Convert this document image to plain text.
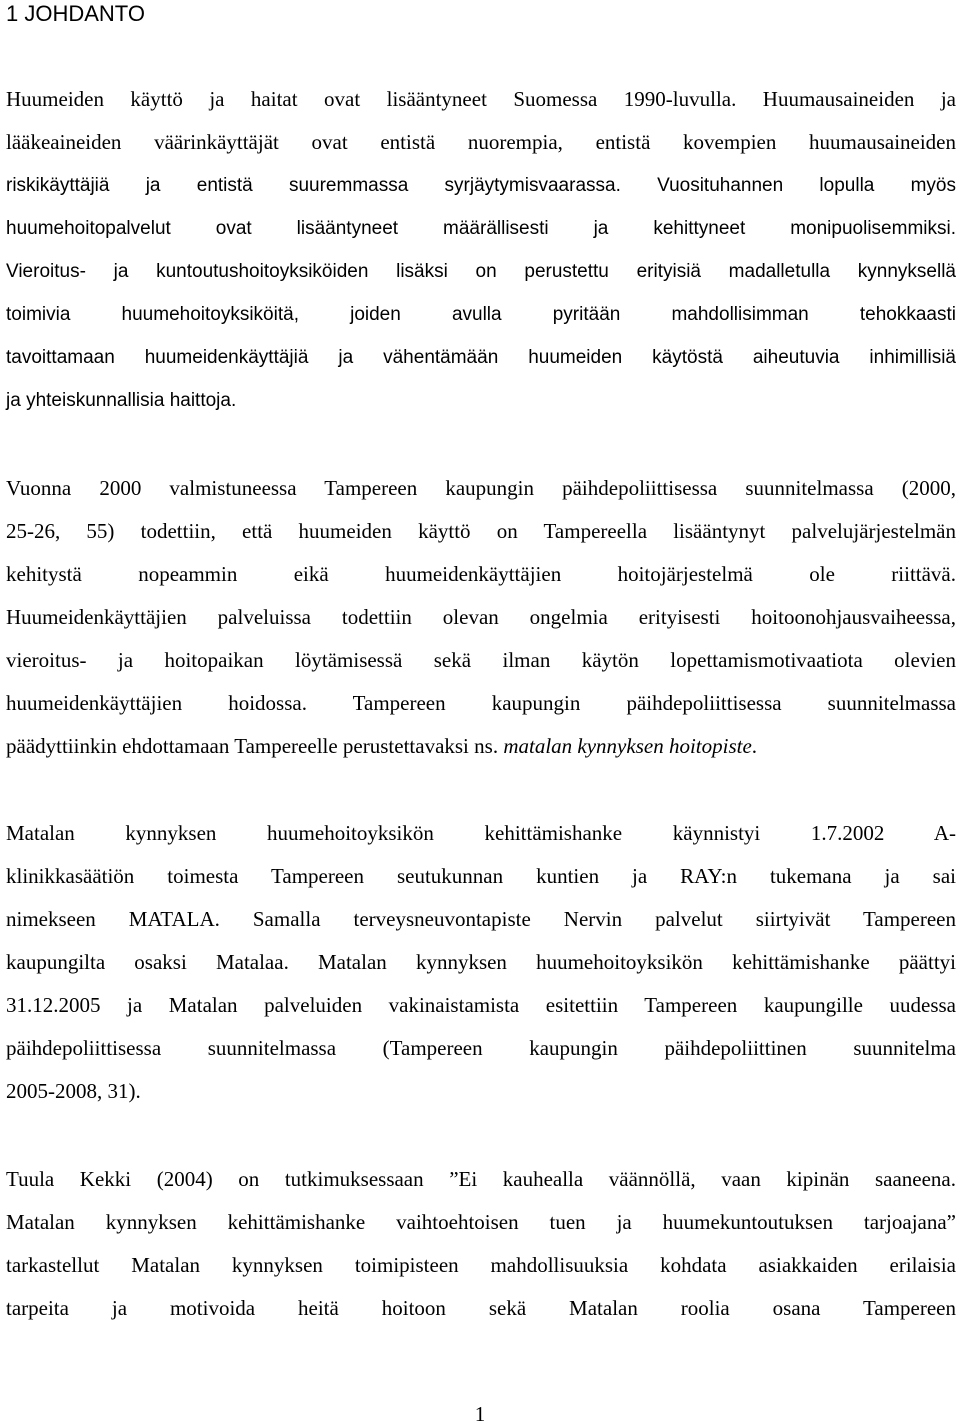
1 JOHDANTO
Huumeiden käyttö ja haitat ovat lisääntyneet Suomessa 1990-luvulla. Huumausaineiden ja
lääkeaineiden väärinkäyttäjät ovat entistä nuorempia, entistä kovempien huumausaineiden
riskikäyttäjiä ja entistä suuremmassa syrjäytymisvaarassa. Vuosituhannen lopulla myös
huumehoitopalvelut ovat lisääntyneet määrällisesti ja kehittyneet monipuolisemmiksi.
Vieroitus- ja kuntoutushoitoyksiköiden lisäksi on perustettu erityisiä madalletulla kynnyksellä
toimivia huumehoitoyksiköitä, joiden avulla pyritään mahdollisimman tehokkaasti
tavoittamaan huumeidenkäyttäjiä ja vähentämään huumeiden käytöstä aiheutuvia inhimillisiä
ja yhteiskunnallisia haittoja.
Vuonna 2000 valmistuneessa Tampereen kaupungin päihdepoliittisessa suunnitelmassa (2000,
25-26, 55) todettiin, että huumeiden käyttö on Tampereella lisääntynyt palvelujärjestelmän
kehitystä nopeammin eikä huumeidenkäyttäjien hoitojärjestelmä ole riittävä.
Huumeidenkäyttäjien palveluissa todettiin olevan ongelmia erityisesti hoitoonohjausvaiheessa,
vieroitus- ja hoitopaikan löytämisessä sekä ilman käytön lopettamismotivaatiota olevien
huumeidenkäyttäjien hoidossa. Tampereen kaupungin päihdepoliittisessa suunnitelmassa
päädyttiinkin ehdottamaan Tampereelle perustettavaksi ns. matalan kynnyksen hoitopiste.
Matalan kynnyksen huumehoitoyksikön kehittämishanke käynnistyi 1.7.2002 A-
klinikkasäätiön toimesta Tampereen seutukunnan kuntien ja RAY:n tukemana ja sai
nimekseen MATALA. Samalla terveysneuvontapiste Nervin palvelut siirtyivät Tampereen
kaupungilta osaksi Matalaa. Matalan kynnyksen huumehoitoyksikön kehittämishanke päättyi
31.12.2005 ja Matalan palveluiden vakinaistamista esitettiin Tampereen kaupungille uudessa
päihdepoliittisessa suunnitelmassa (Tampereen kaupungin päihdepoliittinen suunnitelma
2005-2008, 31).
Tuula Kekki (2004) on tutkimuksessaan ”Ei kauhealla väännöllä, vaan kipinän saaneena.
Matalan kynnyksen kehittämishanke vaihtoehtoisen tuen ja huumekuntoutuksen tarjoajana”
tarkastellut Matalan kynnyksen toimipisteen mahdollisuuksia kohdata asiakkaiden erilaisia
tarpeita ja motivoida heitä hoitoon sekä Matalan roolia osana Tampereen
1
